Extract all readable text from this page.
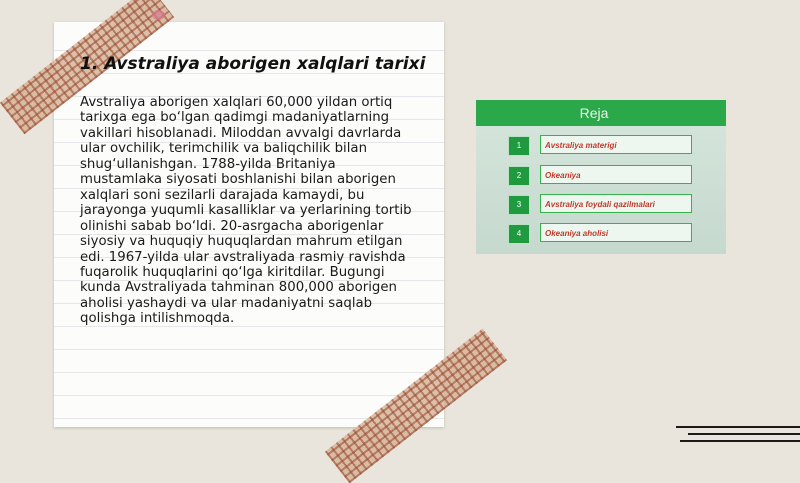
1. Avstraliya aborigen xalqlari tarixi

Avstraliya aborigen xalqlari 60,000 yildan ortiq tarixga ega bo‘lgan qadimgi madaniyatlarning vakillari hisoblanadi. Miloddan avvalgi davrlarda ular ovchilik, terimchilik va baliqchilik bilan shug‘ullanishgan. 1788-yilda Britaniya mustamlaka siyosati boshlanishi bilan aborigen xalqlari soni sezilarli darajada kamaydi, bu jarayonga yuqumli kasalliklar va yerlarining tortib olinishi sabab bo‘ldi. 20-asrgacha aborigenlar siyosiy va huquqiy huquqlardan mahrum etilgan edi. 1967-yilda ular avstraliyada rasmiy ravishda fuqarolik huquqlarini qo‘lga kiritdilar. Bugungi kunda Avstraliyada tahminan 800,000 aborigen aholisi yashaydi va ular madaniyatni saqlab qolishga intilishmoqda.

Reja
1	Avstraliya materigi
2	Okeaniya
3	Avstraliya foydali qazilmalari
4	Okeaniya aholisi
